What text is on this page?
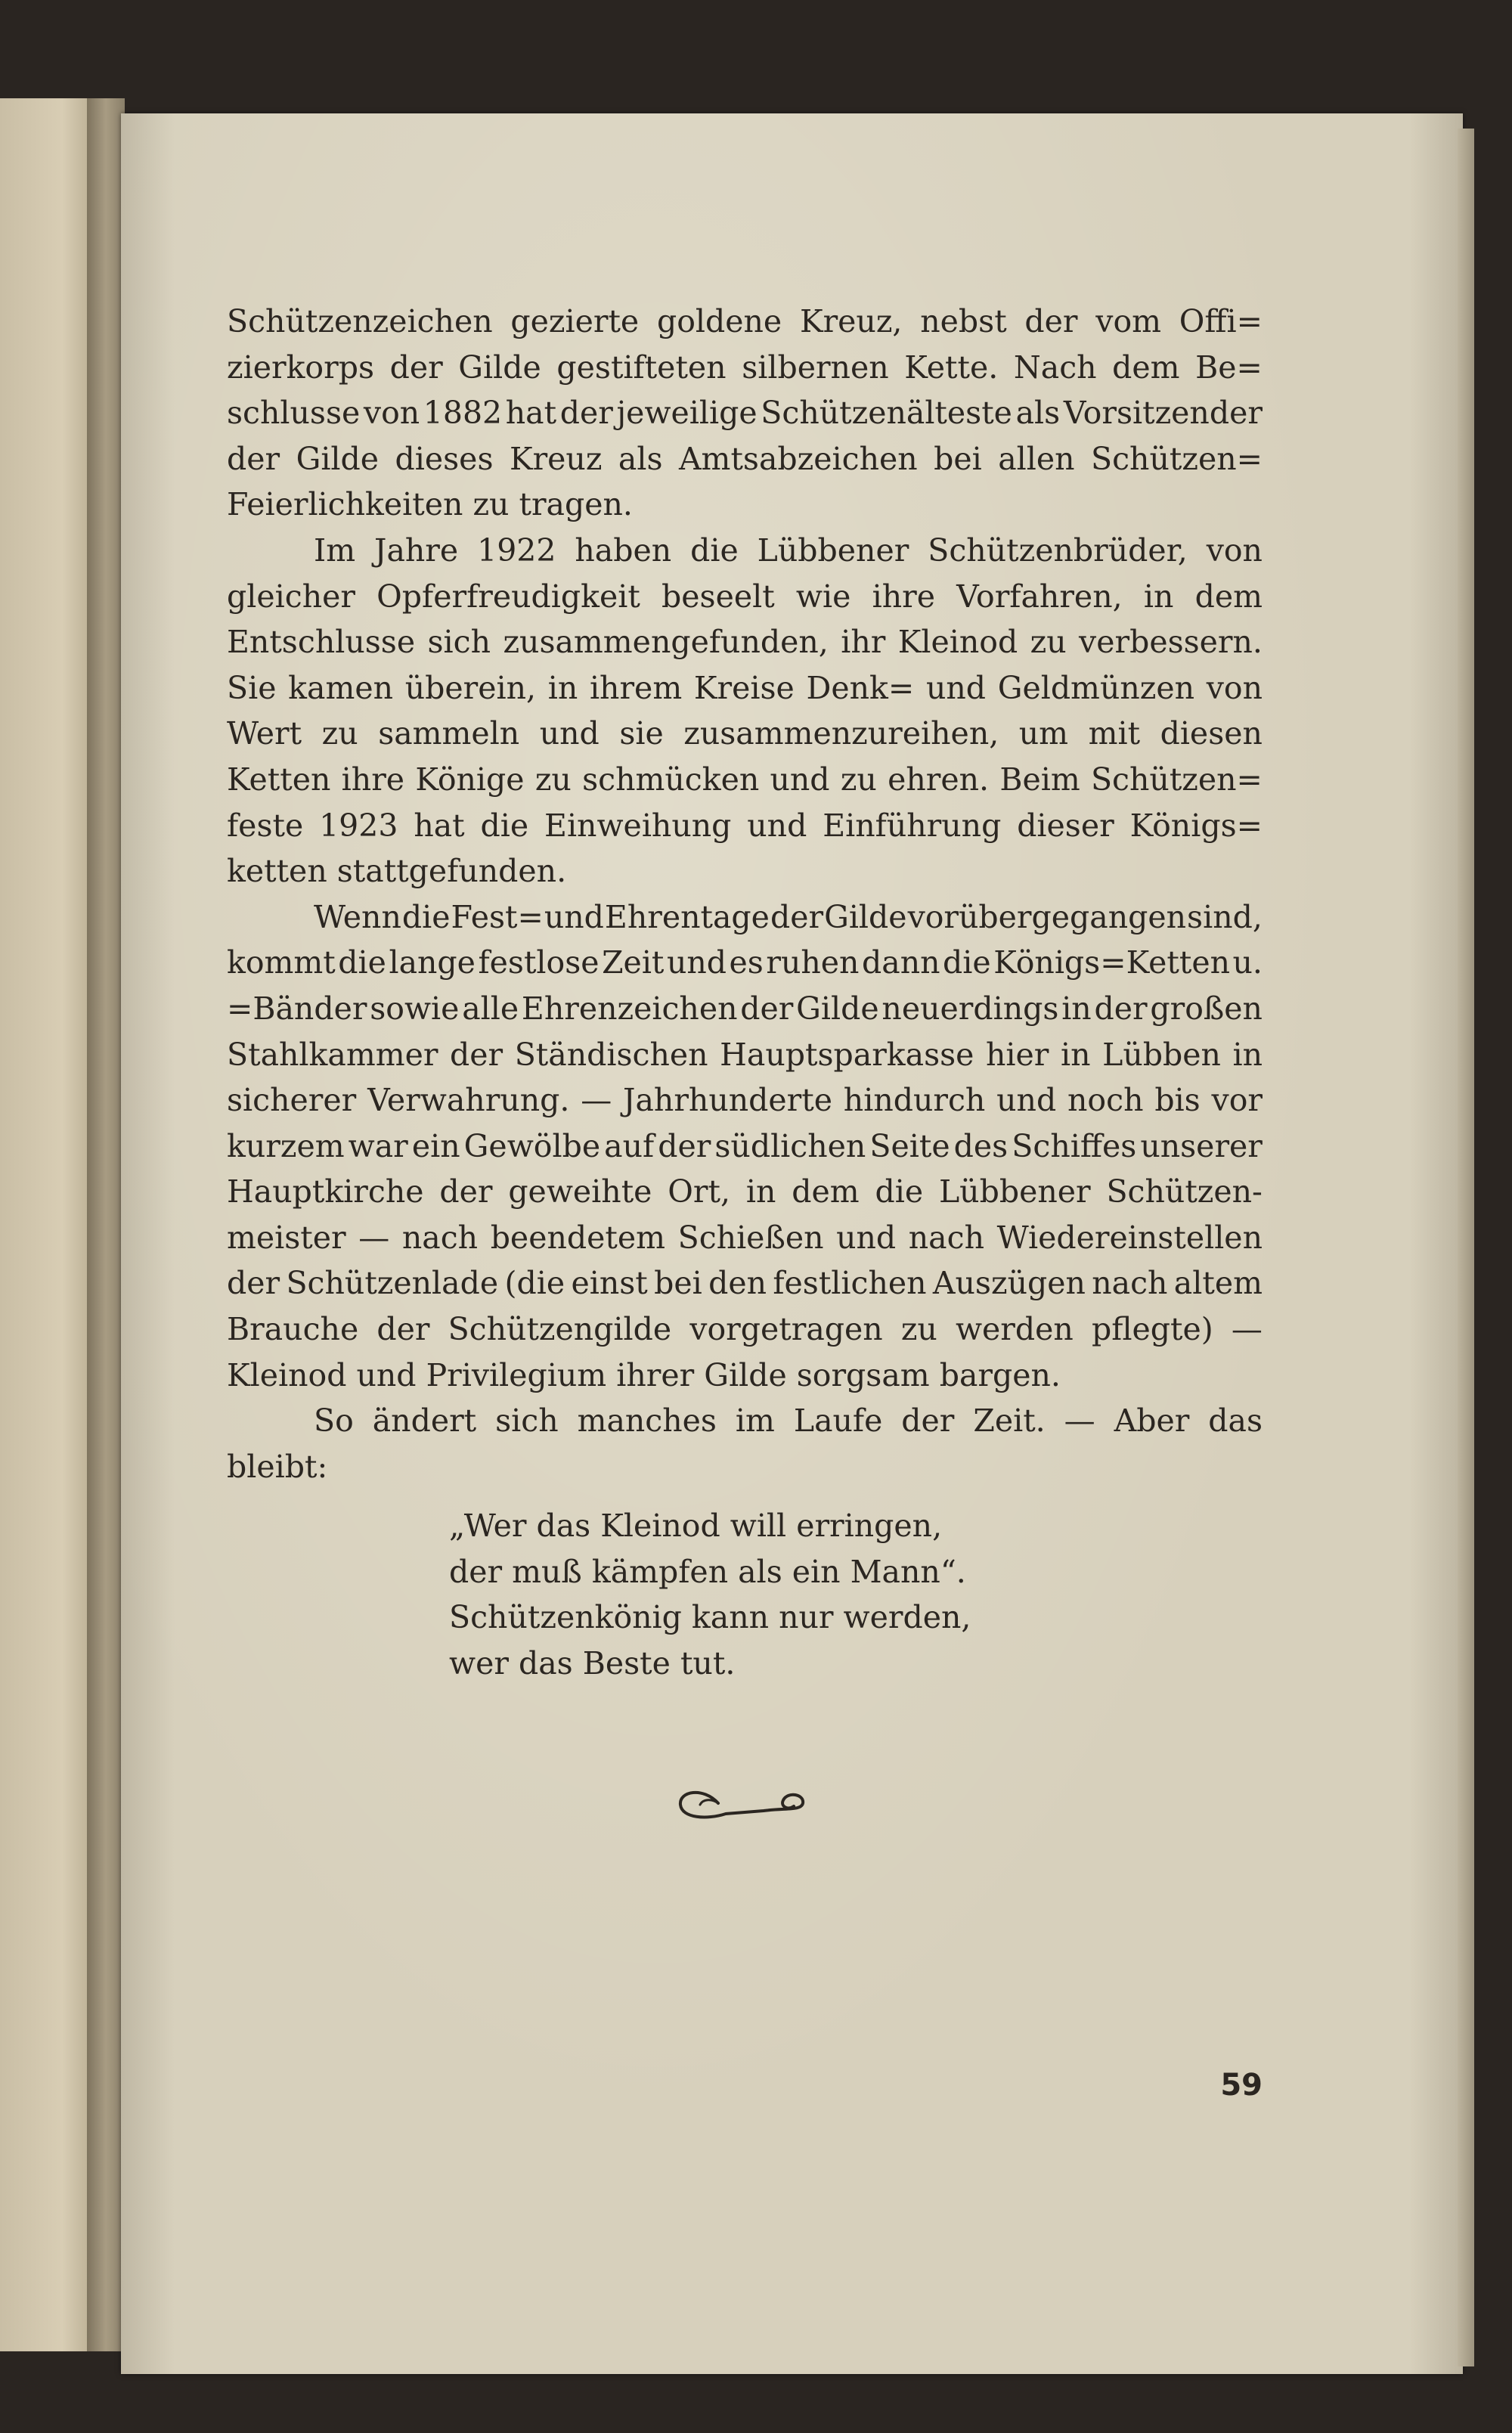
Schützenzeichen gezierte goldene Kreuz, nebst der vom Offi=
zierkorps der Gilde gestifteten silbernen Kette. Nach dem Be=
schlusse von 1882 hat der jeweilige Schützenälteste als Vorsitzender
der Gilde dieses Kreuz als Amtsabzeichen bei allen Schützen=
Feierlichkeiten zu tragen.
Im Jahre 1922 haben die Lübbener Schützenbrüder, von
gleicher Opferfreudigkeit beseelt wie ihre Vorfahren, in dem
Entschlusse sich zusammengefunden, ihr Kleinod zu verbessern.
Sie kamen überein, in ihrem Kreise Denk= und Geldmünzen von
Wert zu sammeln und sie zusammenzureihen, um mit diesen
Ketten ihre Könige zu schmücken und zu ehren. Beim Schützen=
feste 1923 hat die Einweihung und Einführung dieser Königs=
ketten stattgefunden.
Wenn die Fest= und Ehrentage der Gilde vorübergegangen sind,
kommt die lange festlose Zeit und es ruhen dann die Königs=Ketten u.
=Bänder sowie alle Ehrenzeichen der Gilde neuerdings in der großen
Stahlkammer der Ständischen Hauptsparkasse hier in Lübben in
sicherer Verwahrung. — Jahrhunderte hindurch und noch bis vor
kurzem war ein Gewölbe auf der südlichen Seite des Schiffes unserer
Hauptkirche der geweihte Ort, in dem die Lübbener Schützen-
meister — nach beendetem Schießen und nach Wiedereinstellen
der Schützenlade (die einst bei den festlichen Auszügen nach altem
Brauche der Schützengilde vorgetragen zu werden pflegte) —
Kleinod und Privilegium ihrer Gilde sorgsam bargen.
So ändert sich manches im Laufe der Zeit. — Aber das
bleibt:
„Wer das Kleinod will erringen,
der muß kämpfen als ein Mann“.
Schützenkönig kann nur werden,
wer das Beste tut.
59
